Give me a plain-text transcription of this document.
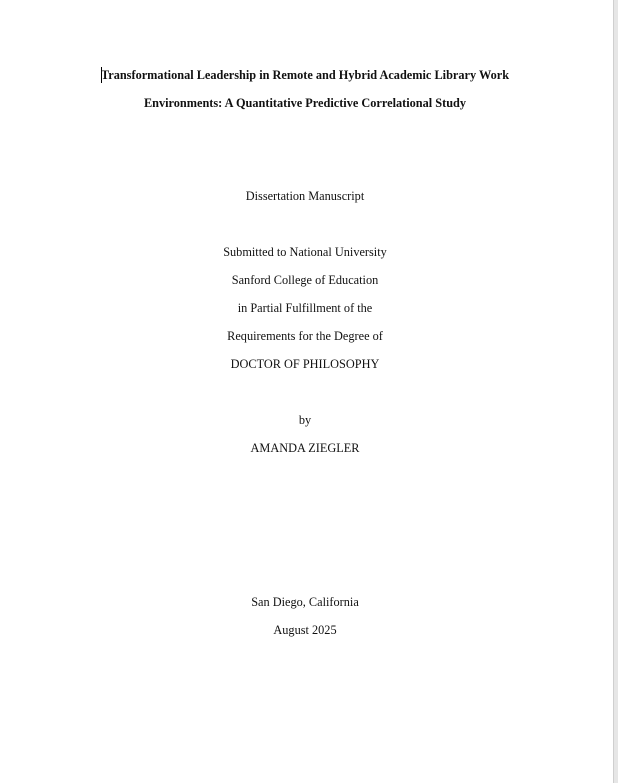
Transformational Leadership in Remote and Hybrid Academic Library Work
Environments: A Quantitative Predictive Correlational Study
Dissertation Manuscript
Submitted to National University
Sanford College of Education
in Partial Fulfillment of the
Requirements for the Degree of
DOCTOR OF PHILOSOPHY
by
AMANDA ZIEGLER
San Diego, California
August 2025
